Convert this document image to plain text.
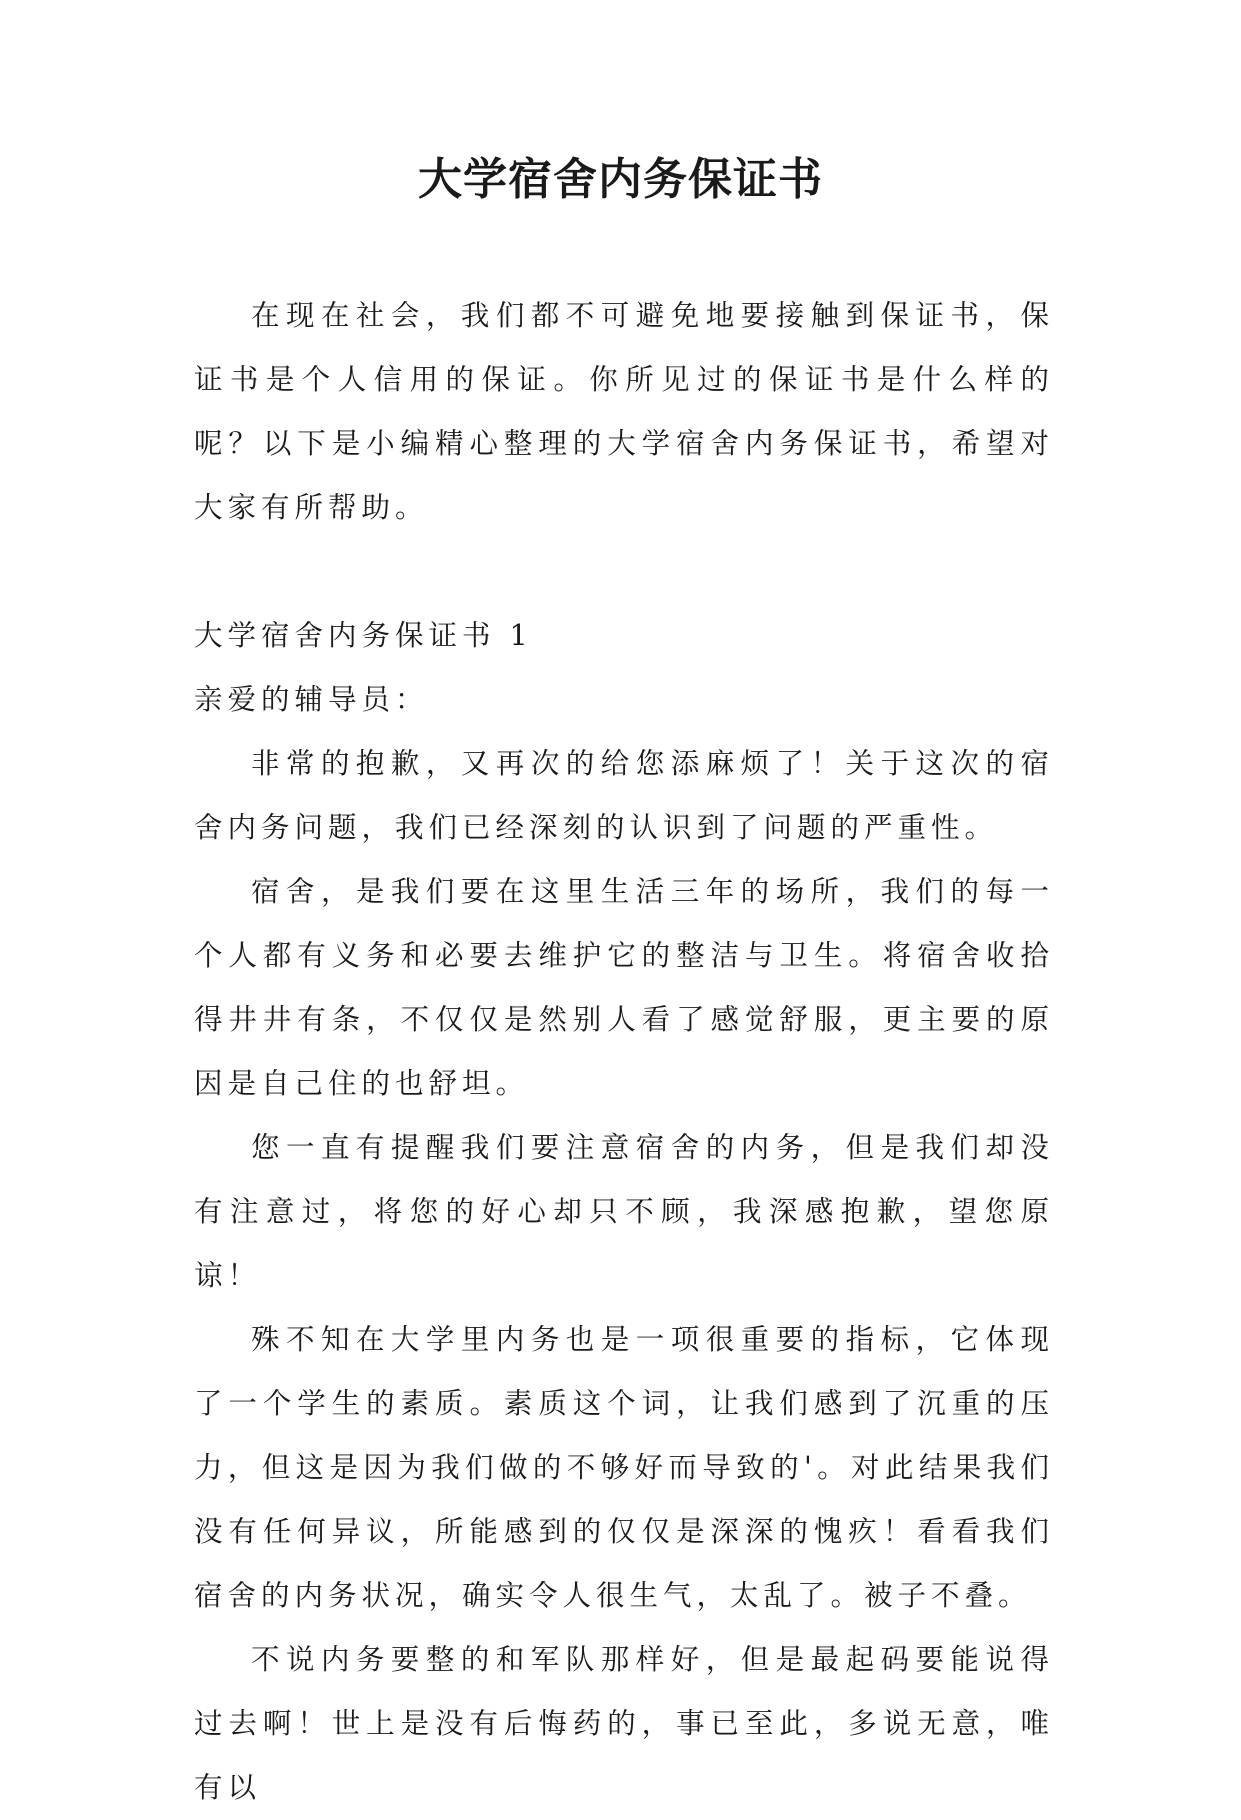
大学宿舍内务保证书

在现在社会，我们都不可避免地要接触到保证书，保证书是个人信用的保证。你所见过的保证书是什么样的呢？以下是小编精心整理的大学宿舍内务保证书，希望对大家有所帮助。

大学宿舍内务保证书 1

亲爱的辅导员：

非常的抱歉，又再次的给您添麻烦了！关于这次的宿舍内务问题，我们已经深刻的认识到了问题的严重性。

宿舍，是我们要在这里生活三年的场所，我们的每一个人都有义务和必要去维护它的整洁与卫生。将宿舍收拾得井井有条，不仅仅是然别人看了感觉舒服，更主要的原因是自己住的也舒坦。

您一直有提醒我们要注意宿舍的内务，但是我们却没有注意过，将您的好心却只不顾，我深感抱歉，望您原谅！

殊不知在大学里内务也是一项很重要的指标，它体现了一个学生的素质。素质这个词，让我们感到了沉重的压力，但这是因为我们做的不够好而导致的'。对此结果我们没有任何异议，所能感到的仅仅是深深的愧疚！看看我们宿舍的内务状况，确实令人很生气，太乱了。被子不叠。

不说内务要整的和军队那样好，但是最起码要能说得过去啊！世上是没有后悔药的，事已至此，多说无意，唯有以
